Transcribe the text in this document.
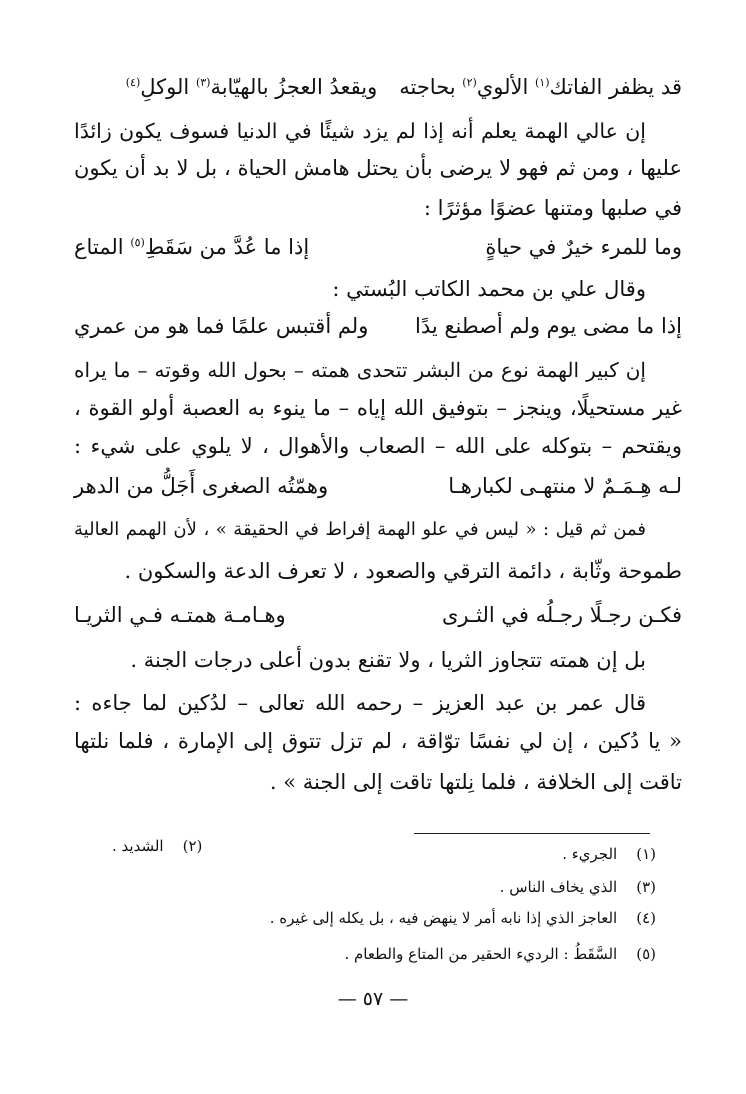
قد يظفر الفاتك$^{(١)}$ الألوي$^{(٢)}$ بحاجته
ويقعدُ العجزُ بالهيّابة$^{(٣)}$ الوكلِ$^{(٤)}$
إن عالي الهمة يعلم أنه إذا لم يزد شيئًا في الدنيا فسوف يكون زائدًا
عليها ، ومن ثم فهو لا يرضى بأن يحتل هامش الحياة ، بل لا بد أن يكون
في صلبها ومتنها عضوًا مؤثرًا :
وما للمرء خيرٌ في حياةٍ
إذا ما عُدَّ من سَقَطِ$^{(٥)}$ المتاع
وقال علي بن محمد الكاتب البُستي :
إذا ما مضى يوم ولم أصطنع يدًا
ولم أقتبس علمًا فما هو من عمري
إن كبير الهمة نوع من البشر تتحدى همته – بحول الله وقوته – ما يراه
غير مستحيلًا، وينجز – بتوفيق الله إياه – ما ينوء به العصبة أولو القوة ،
ويقتحم – بتوكله على الله – الصعاب والأهوال ، لا يلوي على شيء :
لـه هِـمَـمٌ لا منتهـى لكبارهـا
وهمّتُه الصغرى أَجَلُّ من الدهر
فمن ثم قيل : « ليس في علو الهمة إفراط في الحقيقة » ، لأن الهمم العالية
طموحة وثّابة ، دائمة الترقي والصعود ، لا تعرف الدعة والسكون .
فكـن رجـلًا رجـلُه في الثـرى
وهـامـة همتـه فـي الثريـا
بل إن همته تتجاوز الثريا ، ولا تقنع بدون أعلى درجات الجنة .
قال عمر بن عبد العزيز – رحمه الله تعالى – لدُكين لما جاءه :
« يا دُكين ، إن لي نفسًا توّاقة ، لم تزل تتوق إلى الإمارة ، فلما نلتها
تاقت إلى الخلافة ، فلما نِلتها تاقت إلى الجنة » .
(١) الجريء .
(٢) الشديد .
(٣) الذي يخاف الناس .
(٤) العاجز الذي إذا نابه أمر لا ينهض فيه ، بل يكله إلى غيره .
(٥) السَّقَطُ : الرديء الحقير من المتاع والطعام .
— ٥٧ —
